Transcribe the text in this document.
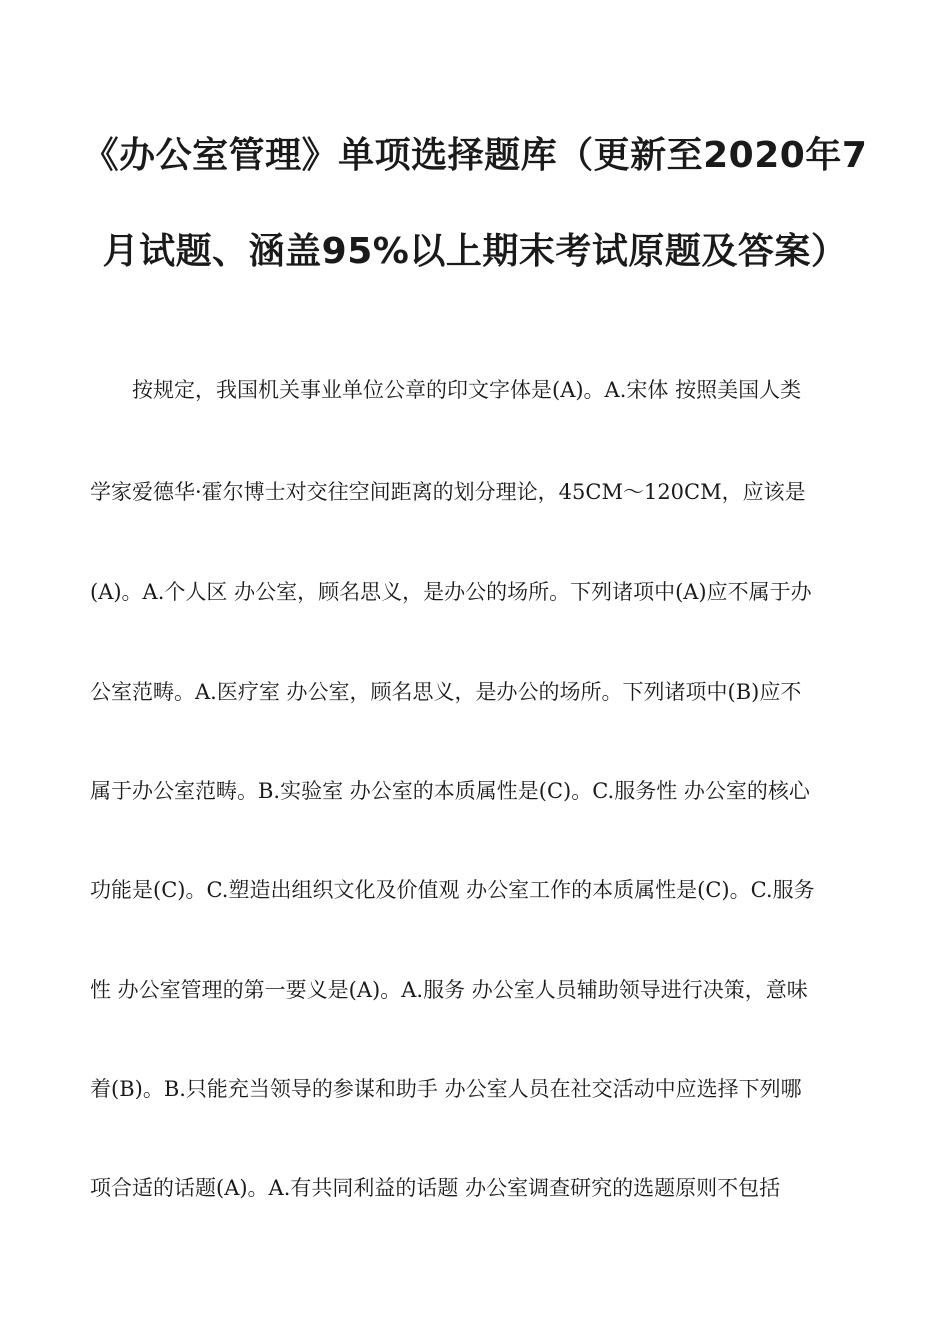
《办公室管理》单项选择题库（更新至2020年7
月试题、涵盖95%以上期末考试原题及答案）
按规定，我国机关事业单位公章的印文字体是(A)。A.宋体 按照美国人类
学家爱德华·霍尔博士对交往空间距离的划分理论，45CM～120CM，应该是
(A)。A.个人区 办公室，顾名思义，是办公的场所。下列诸项中(A)应不属于办
公室范畴。A.医疗室 办公室，顾名思义，是办公的场所。下列诸项中(B)应不
属于办公室范畴。B.实验室 办公室的本质属性是(C)。C.服务性 办公室的核心
功能是(C)。C.塑造出组织文化及价值观 办公室工作的本质属性是(C)。C.服务
性 办公室管理的第一要义是(A)。A.服务 办公室人员辅助领导进行决策，意味
着(B)。B.只能充当领导的参谋和助手 办公室人员在社交活动中应选择下列哪
项合适的话题(A)。A.有共同利益的话题 办公室调查研究的选题原则不包括
